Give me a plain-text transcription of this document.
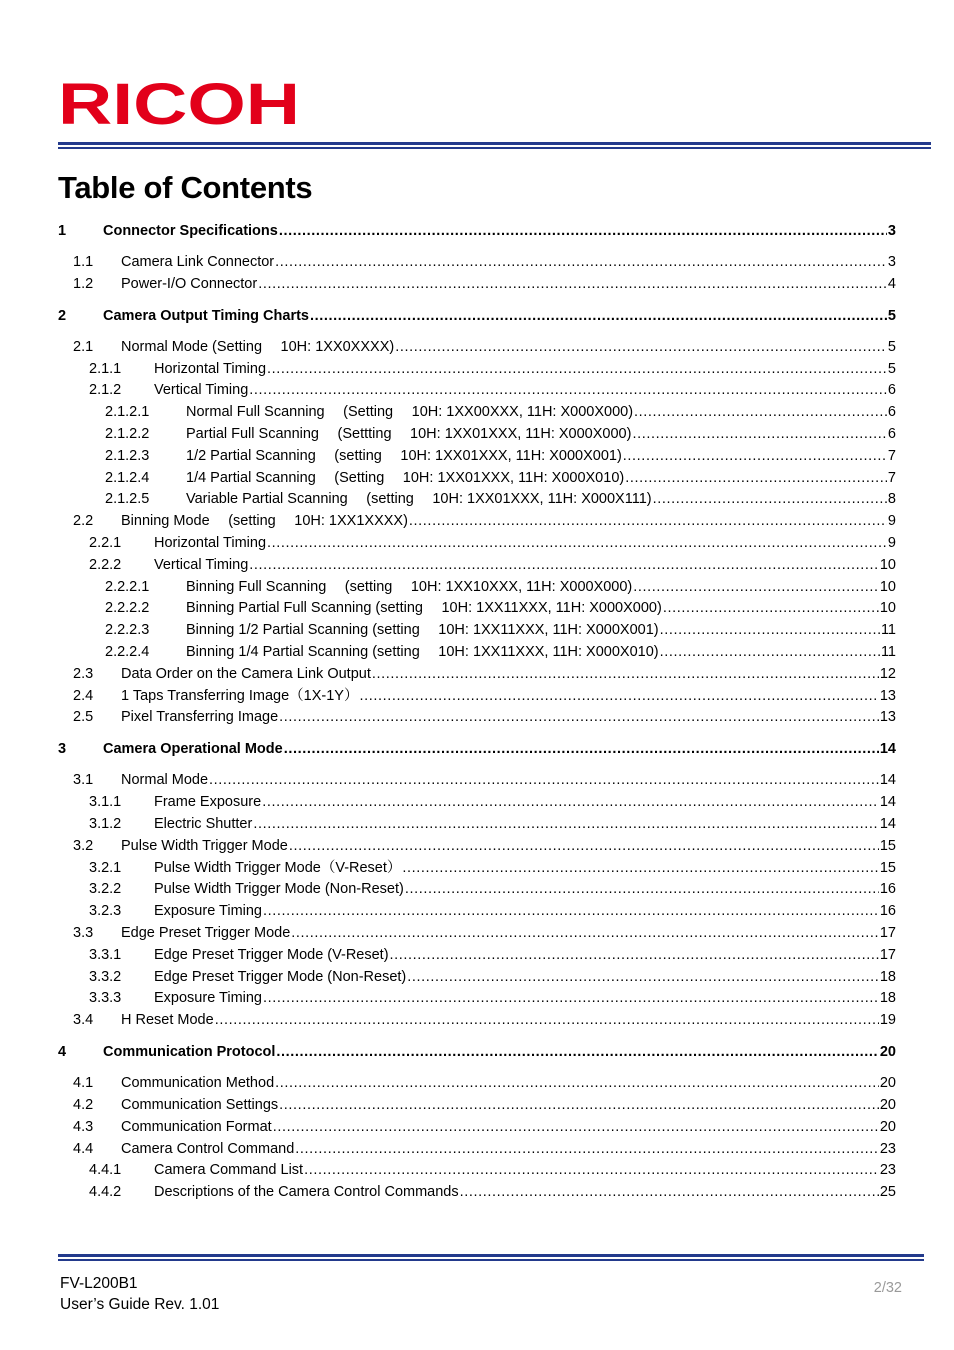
RICOH
Table of Contents
1	Connector Specifications .....	3
1.1	Camera Link Connector .....	3
1.2	Power-I/O Connector .....	4
2	Camera Output Timing Charts .....	5
2.1	Normal Mode (Setting　 10H: 1XX0XXXX) .....	5
2.1.1	Horizontal Timing .....	5
2.1.2	Vertical Timing .....	6
2.1.2.1	Normal Full Scanning　 (Setting　 10H: 1XX00XXX, 11H: X000X000) .....	6
2.1.2.2	Partial Full Scanning　 (Settting　 10H: 1XX01XXX, 11H: X000X000) .....	6
2.1.2.3	1/2 Partial Scanning　 (setting　 10H: 1XX01XXX, 11H: X000X001) .....	7
2.1.2.4	1/4 Partial Scanning　 (Setting　 10H: 1XX01XXX, 11H: X000X010) .....	7
2.1.2.5	Variable Partial Scanning　 (setting　 10H: 1XX01XXX, 11H: X000X111) .....	8
2.2	Binning Mode　 (setting　 10H: 1XX1XXXX) .....	9
2.2.1	Horizontal Timing .....	9
2.2.2	Vertical Timing .....	10
2.2.2.1	Binning Full Scanning　 (setting　 10H: 1XX10XXX, 11H: X000X000) .....	10
2.2.2.2	Binning Partial Full Scanning (setting　 10H: 1XX11XXX, 11H: X000X000) .....	10
2.2.2.3	Binning 1/2 Partial Scanning (setting　 10H: 1XX11XXX, 11H: X000X001) .....	11
2.2.2.4	Binning 1/4 Partial Scanning (setting　 10H: 1XX11XXX, 11H: X000X010) .....	11
2.3	Data Order on the Camera Link Output .....	12
2.4	1 Taps Transferring Image（1X-1Y） .....	13
2.5	Pixel Transferring Image .....	13
3	Camera Operational Mode .....	14
3.1	Normal Mode .....	14
3.1.1	Frame Exposure .....	14
3.1.2	Electric Shutter .....	14
3.2	Pulse Width Trigger Mode .....	15
3.2.1	Pulse Width Trigger Mode（V-Reset） .....	15
3.2.2	Pulse Width Trigger Mode (Non-Reset) .....	16
3.2.3	Exposure Timing .....	16
3.3	Edge Preset Trigger Mode .....	17
3.3.1	Edge Preset Trigger Mode (V-Reset) .....	17
3.3.2	Edge Preset Trigger Mode (Non-Reset) .....	18
3.3.3	Exposure Timing .....	18
3.4	H Reset Mode .....	19
4	Communication Protocol .....	20
4.1	Communication Method .....	20
4.2	Communication Settings .....	20
4.3	Communication Format .....	20
4.4	Camera Control Command .....	23
4.4.1	Camera Command List .....	23
4.4.2	Descriptions of the Camera Control Commands .....	25
FV-L200B1
User’s Guide Rev. 1.01
2/32
